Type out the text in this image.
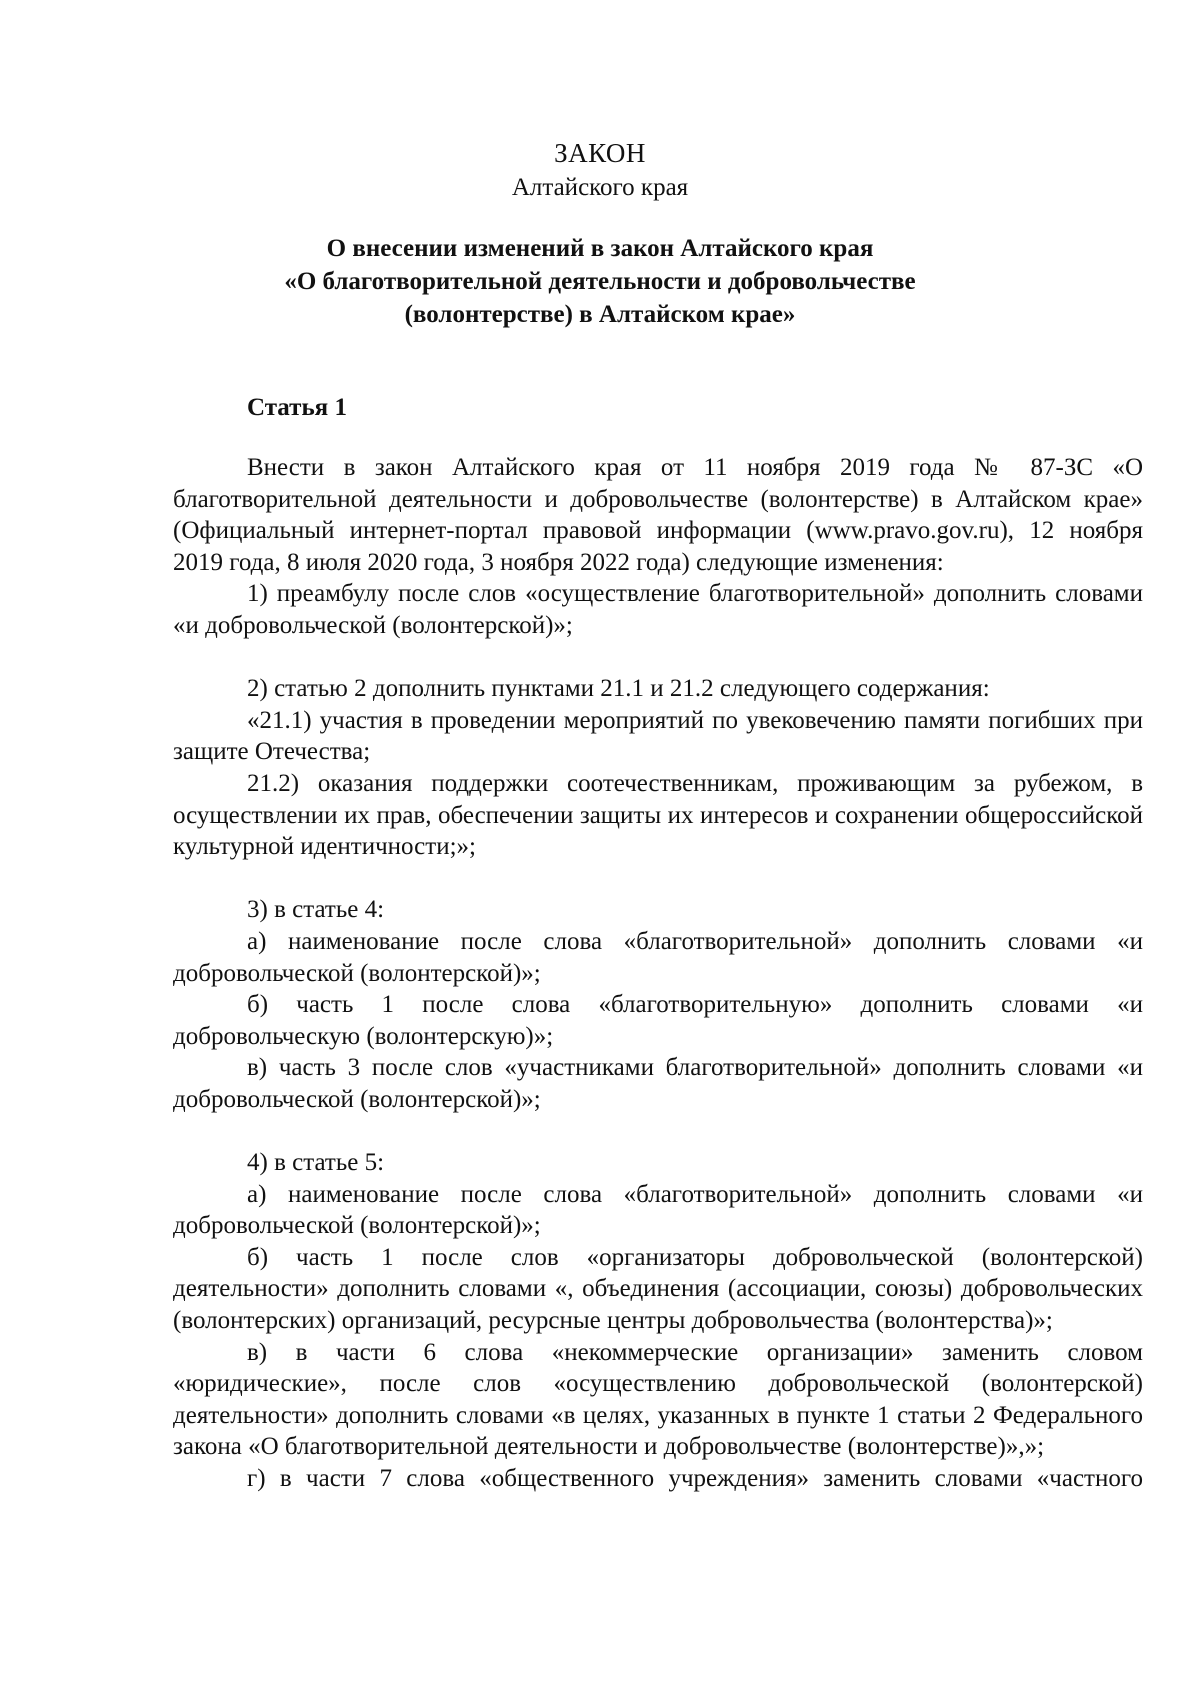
ЗАКОН
Алтайского края
О внесении изменений в закон Алтайского края
«О благотворительной деятельности и добровольчестве
(волонтерстве) в Алтайском крае»
Статья 1

Внести в закон Алтайского края от 11 ноября 2019 года № 87-ЗС «О благотворительной деятельности и добровольчестве (волонтерстве) в Алтайском крае» (Официальный интернет-портал правовой информации (www.pravo.gov.ru), 12 ноября 2019 года, 8 июля 2020 года, 3 ноября 2022 года) следующие изменения:

1) преамбулу после слов «осуществление благотворительной» дополнить словами «и добровольческой (волонтерской)»;

2) статью 2 дополнить пунктами 21.1 и 21.2 следующего содержания:

«21.1) участия в проведении мероприятий по увековечению памяти погибших при защите Отечества;

21.2) оказания поддержки соотечественникам, проживающим за рубежом, в осуществлении их прав, обеспечении защиты их интересов и сохранении общероссийской культурной идентичности;»;

3) в статье 4:

а) наименование после слова «благотворительной» дополнить словами «и добровольческой (волонтерской)»;

б) часть 1 после слова «благотворительную» дополнить словами «и добровольческую (волонтерскую)»;

в) часть 3 после слов «участниками благотворительной» дополнить словами «и добровольческой (волонтерской)»;

4) в статье 5:

а) наименование после слова «благотворительной» дополнить словами «и добровольческой (волонтерской)»;

б) часть 1 после слов «организаторы добровольческой (волонтерской) деятельности» дополнить словами «, объединения (ассоциации, союзы) добровольческих (волонтерских) организаций, ресурсные центры добровольчества (волонтерства)»;

в) в части 6 слова «некоммерческие организации» заменить словом «юридические», после слов «осуществлению добровольческой (волонтерской) деятельности» дополнить словами «в целях, указанных в пункте 1 статьи 2 Федерального закона «О благотворительной деятельности и добровольчестве (волонтерстве)»,»;

г) в части 7 слова «общественного учреждения» заменить словами «частного
